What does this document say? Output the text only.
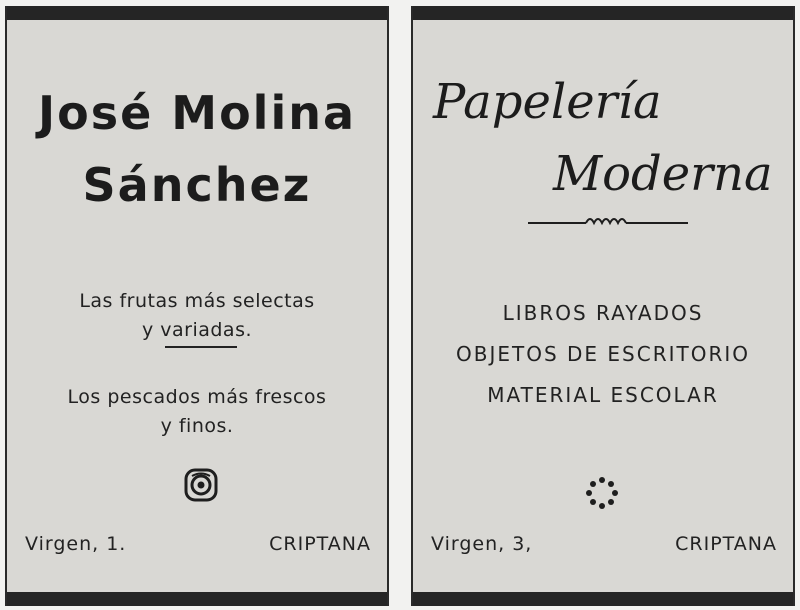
José Molina
Sánchez
Las frutas más selectas
y variadas.
Los pescados más frescos
y finos.
Virgen, 1.	CRIPTANA
Papelería
Moderna
LIBROS RAYADOS
OBJETOS DE ESCRITORIO
MATERIAL ESCOLAR
Virgen, 3,	CRIPTANA
